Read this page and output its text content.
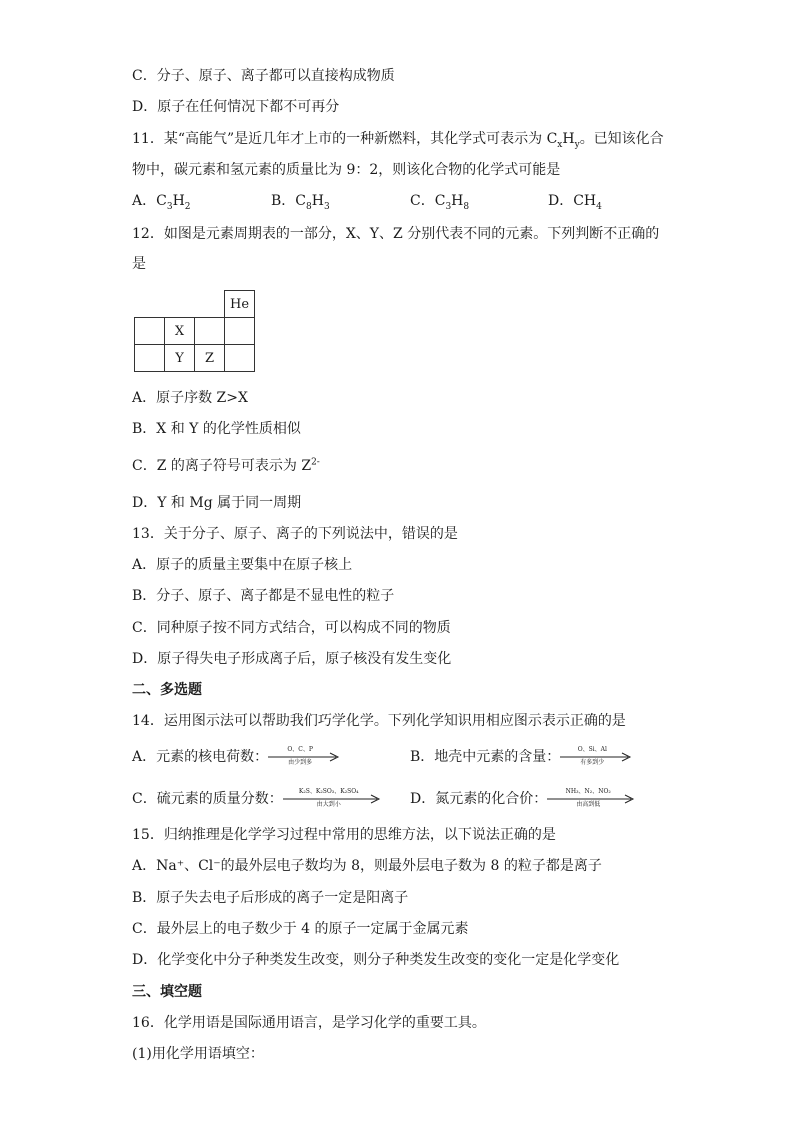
C．分子、原子、离子都可以直接构成物质
D．原子在任何情况下都不可再分
11．某“高能气”是近几年才上市的一种新燃料，其化学式可表示为 $C_xH_y$。已知该化合
物中，碳元素和氢元素的质量比为 9：2，则该化合物的化学式可能是
A．$C_3H_2$	B．$C_8H_3$	C．$C_3H_8$	D．$CH_4$
12．如图是元素周期表的一部分，X、Y、Z 分别代表不同的元素。下列判断不正确的
是
			He
	X		
	Y	Z	
A．原子序数 Z>X
B．X 和 Y 的化学性质相似
C．Z 的离子符号可表示为 $Z^{2-}$
D．Y 和 Mg 属于同一周期
13．关于分子、原子、离子的下列说法中，错误的是
A．原子的质量主要集中在原子核上
B．分子、原子、离子都是不显电性的粒子
C．同种原子按不同方式结合，可以构成不同的物质
D．原子得失电子形成离子后，原子核没有发生变化
二、多选题
14．运用图示法可以帮助我们巧学化学。下列化学知识用相应图示表示正确的是
A．元素的核电荷数：	O、C、P
由少到多	B．地壳中元素的含量：	O、Si、Al
有多到少
C．硫元素的质量分数：	K₂S、K₂SO₃、K₂SO₄
由大到小	D．氮元素的化合价：	NH₃、N₂、NO₂
由高到低
15．归纳推理是化学学习过程中常用的思维方法，以下说法正确的是
A．Na⁺、Cl⁻的最外层电子数均为 8，则最外层电子数为 8 的粒子都是离子
B．原子失去电子后形成的离子一定是阳离子
C．最外层上的电子数少于 4 的原子一定属于金属元素
D．化学变化中分子种类发生改变，则分子种类发生改变的变化一定是化学变化
三、填空题
16．化学用语是国际通用语言，是学习化学的重要工具。
(1)用化学用语填空：
